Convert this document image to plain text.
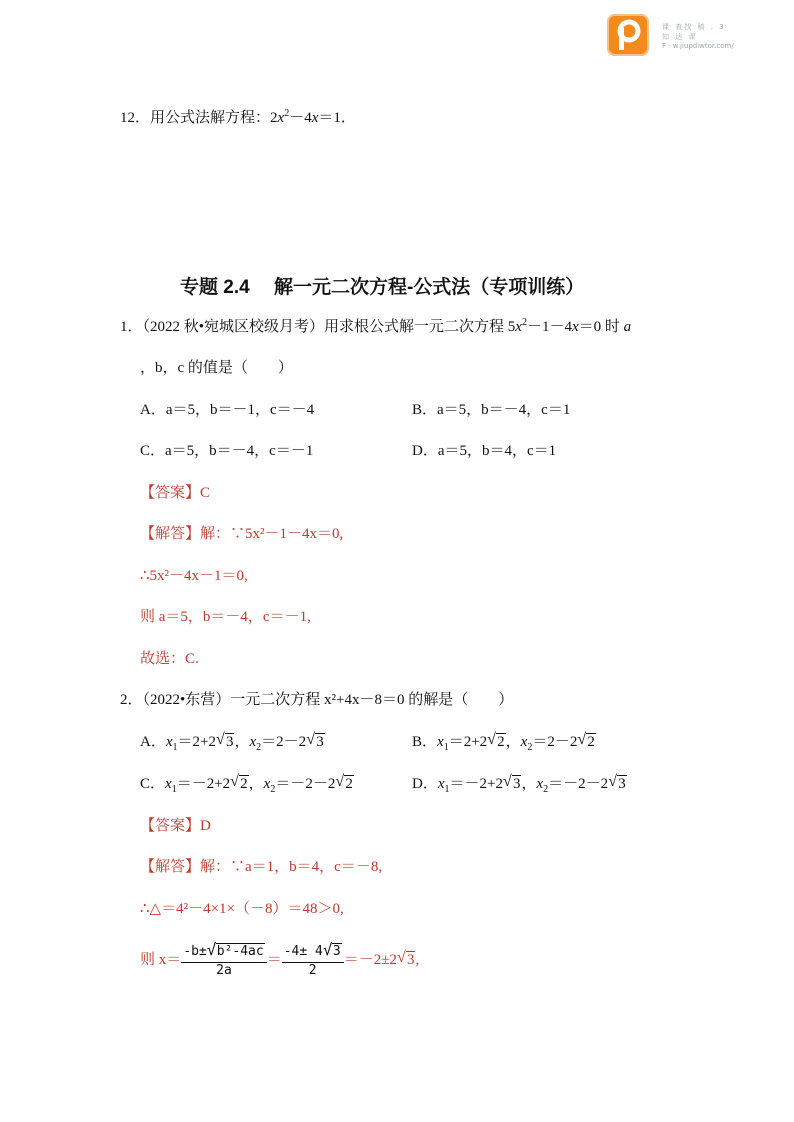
课 查找 稿 . 3
知 达 课
F · w.jiupdiwtor.com/
12．用公式法解方程：$2x^2-4x=1$．
专题 2.4　 解一元二次方程-公式法（专项训练）
1．（2022 秋•宛城区校级月考）用求根公式解一元二次方程 $5x^2-1-4x=0$ 时 a
，b，c 的值是（　　）
A．a＝5，b＝－1，c＝－4	B．a＝5，b＝－4，c＝1
C．a＝5，b＝－4，c＝－1	D．a＝5，b＝4，c＝1
【答案】C
【解答】解：∵5x²－1－4x＝0,
∴5x²－4x－1＝0,
则 a＝5，b＝－4，c＝－1,
故选：C.
2．（2022•东营）一元二次方程 x²+4x－8＝0 的解是（　　）
A．$x_1=2+2$ √ 3，$x_2=2-2$ √ 3	B．$x_1=2+2$ √ 2，$x_2=2-2$ √ 2
C．$x_1=-2+2$ √ 2，$x_2=-2-2$ √ 2	D．$x_1=-2+2$ √ 3，$x_2=-2-2$ √ 3
【答案】D
【解答】解：∵a＝1，b＝4，c＝－8,
∴△＝4²－4×1×（－8）＝48＞0,
则 $x= \frac{\text{-b± √ b²-4ac}}{2a} = \frac{-4\pm 4 √ 3}{2} =-2\pm 2$ √ 3,
